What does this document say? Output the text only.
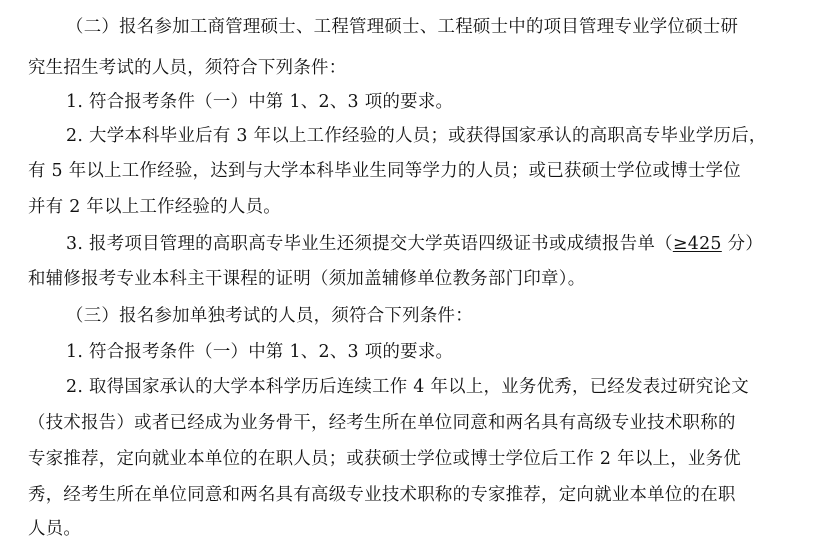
（二）报名参加工商管理硕士、工程管理硕士、工程硕士中的项目管理专业学位硕士研
究生招生考试的人员，须符合下列条件：
1. 符合报考条件（一）中第 1、2、3 项的要求。
2. 大学本科毕业后有 3 年以上工作经验的人员；或获得国家承认的高职高专毕业学历后，
有 5 年以上工作经验，达到与大学本科毕业生同等学力的人员；或已获硕士学位或博士学位
并有 2 年以上工作经验的人员。
3. 报考项目管理的高职高专毕业生还须提交大学英语四级证书或成绩报告单（≥425 分）
和辅修报考专业本科主干课程的证明（须加盖辅修单位教务部门印章）。
（三）报名参加单独考试的人员，须符合下列条件：
1. 符合报考条件（一）中第 1、2、3 项的要求。
2. 取得国家承认的大学本科学历后连续工作 4 年以上，业务优秀，已经发表过研究论文
（技术报告）或者已经成为业务骨干，经考生所在单位同意和两名具有高级专业技术职称的
专家推荐，定向就业本单位的在职人员；或获硕士学位或博士学位后工作 2 年以上，业务优
秀，经考生所在单位同意和两名具有高级专业技术职称的专家推荐，定向就业本单位的在职
人员。
